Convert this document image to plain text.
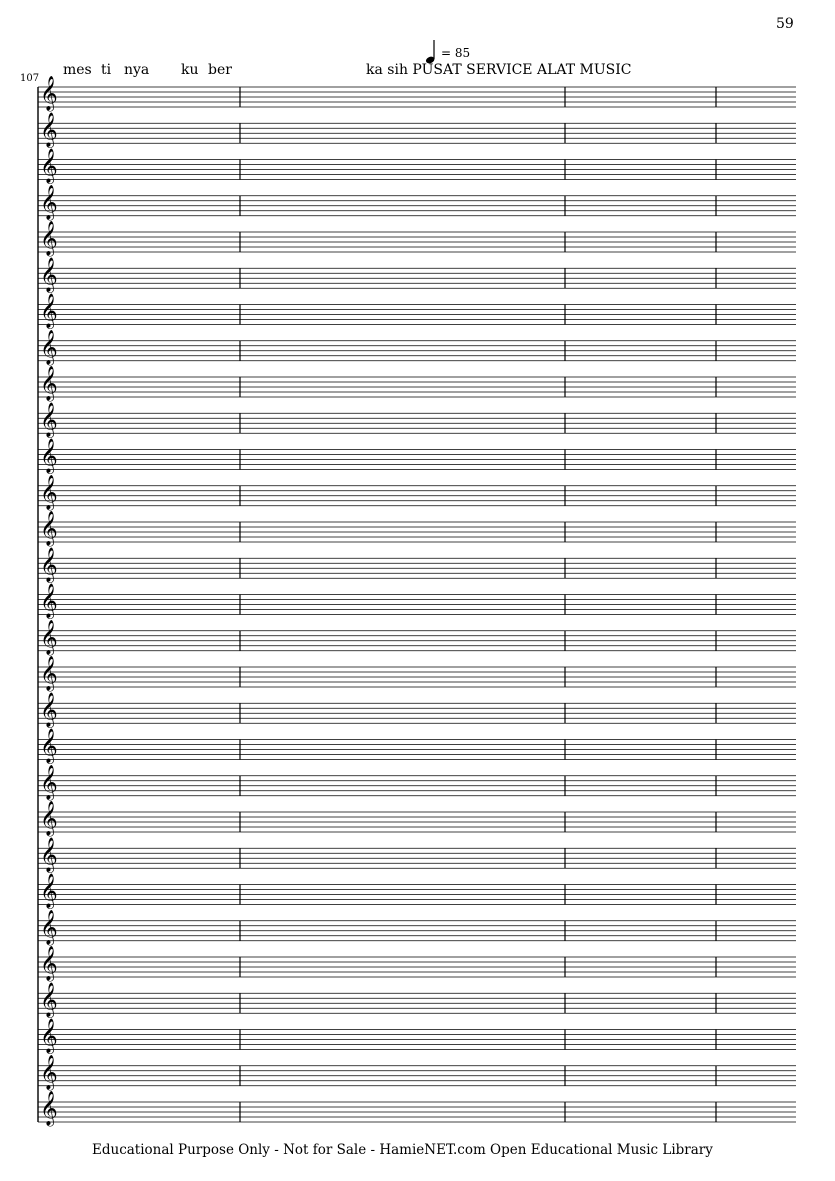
59
= 85
107
mes ti nya ku ber	ka sih PUSAT SERVICE ALAT MUSIC
𝄞
𝄞
𝄞
𝄞
𝄞
𝄞
𝄞
𝄞
𝄞
𝄞
𝄞
𝄞
𝄞
𝄞
𝄞
𝄞
𝄞
𝄞
𝄞
𝄞
𝄞
𝄞
𝄞
𝄞
𝄞
𝄞
𝄞
𝄞
𝄞
Educational Purpose Only - Not for Sale - HamieNET.com Open Educational Music Library
